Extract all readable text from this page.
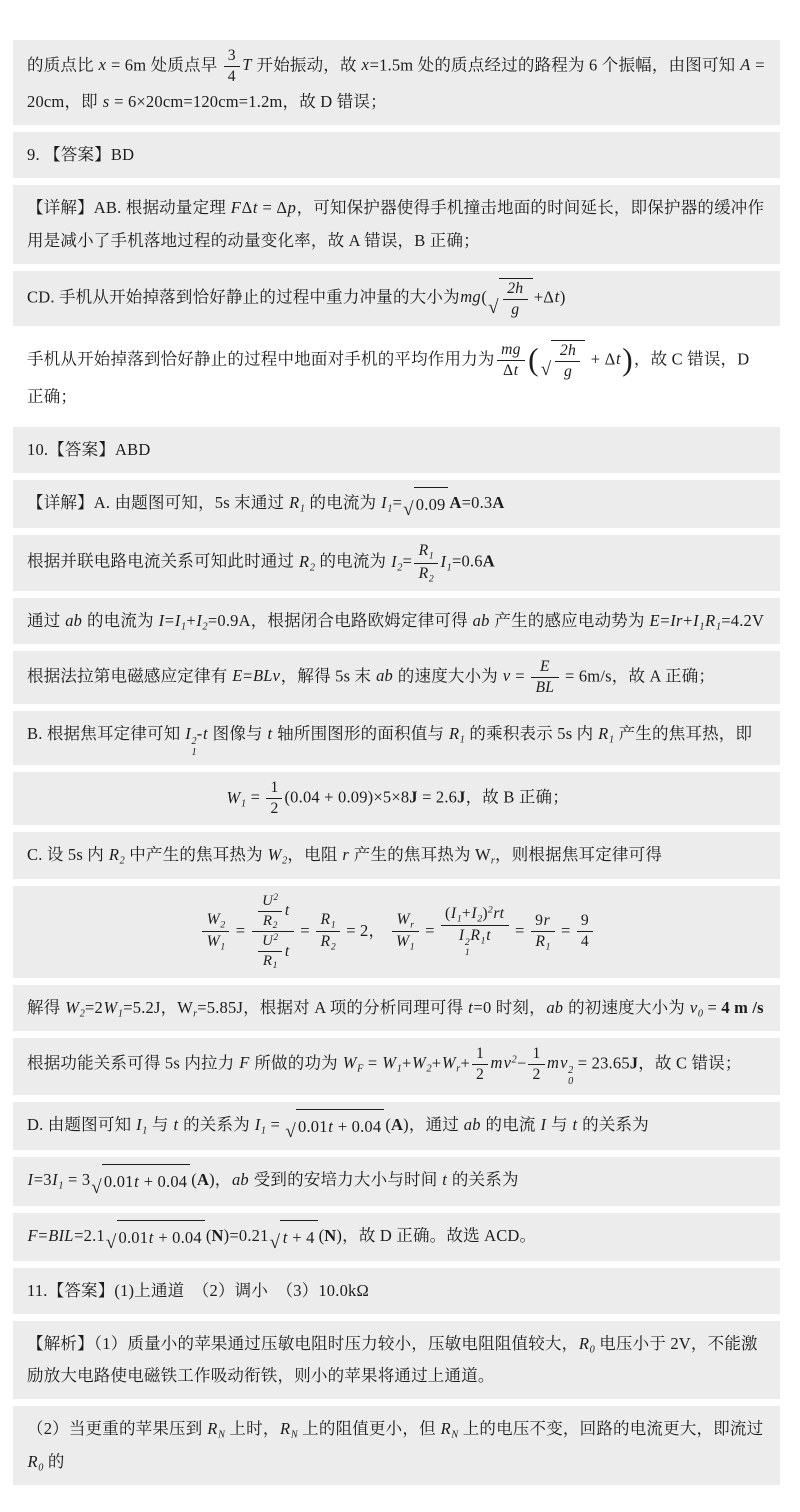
的质点比 x = 6m 处质点早 $\frac{3}{4}$ T 开始振动，故 x=1.5m 处的质点经过的路程为 6 个振幅，由图可知 A = 20cm，即 s = 6×20cm=120cm=1.2m，故 D 错误；
9. 【答案】BD
【详解】AB. 根据动量定理 FΔt = Δp，可知保护器使得手机撞击地面的时间延长，即保护器的缓冲作用是减小了手机落地过程的动量变化率，故 A 错误，B 正确；
CD. 手机从开始掉落到恰好静止的过程中重力冲量的大小为mg(
√ $\frac{2h}{g} +\Delta t$)
手机从开始掉落到恰好静止的过程中地面对手机的平均作用力为 $\frac{mg}{\Delta t}$ ( √ $\frac{2h}{g} + \Delta t$)，故 C 错误，D 正确；
10.【答案】ABD
【详解】A. 由题图可知，5s 末通过 $R_1$ 的电流为 $I_1=$ √ 0.09 A=0.3A
根据并联电路电流关系可知此时通过 $R_2$ 的电流为 $I_2= \frac{R_1}{R_2} I_1=0.6A$
通过 ab 的电流为 $I=I_1+I_2=0.9A$，根据闭合电路欧姆定律可得 ab 产生的感应电动势为 $E=Ir+I_1R_1=4.2V$
根据法拉第电磁感应定律有 E=BLv，解得 5s 末 ab 的速度大小为 $v = \frac{E}{BL} = 6m/s$，故 A 正确；
B. 根据焦耳定律可知 I 2
1
-t 图像与 t 轴所围图形的面积值与 $R_1$ 的乘积表示 5s 内 $R_1$ 产生的焦耳热，即
$W_1 = \frac{1}{2} (0.04 + 0.09)\times 5\times 8J = 2.6J$，故 B 正确；
C. 设 5s 内 $R_2$ 中产生的焦耳热为 $W_2$，电阻 r 产生的焦耳热为 $W_r$，则根据焦耳定律可得
$\frac{W_2}{W_1} = \frac{\frac{U^2}{R_2} t}{\frac{U^2}{R_1} t} = \frac{R_1}{R_2} = 2$， $\frac{W_r}{W_1} = (I_1+I_2)^2rt$
I 2
1
$R_1t = \frac{9r}{R_1} = \frac{9}{4}$
解得 $W_2=2W_1=5.2J$，$W_r=5.85J$，根据对 A 项的分析同理可得 t=0 时刻，ab 的初速度大小为 $v_0 = 4$ m /s
根据功能关系可得 5s 内拉力 F 所做的功为 $W_F = W_1+W_2+W_r+ \frac{1}{2} mv^2- \frac{1}{2}$ mv 2
0
= 23.65J，故 C 错误；
D. 由题图可知 $I_1$ 与 t 的关系为 $I_1$ = √ 0.01t + 0.04 (A)，通过 ab 的电流 I 与 t 的关系为
$I=3I_1 = 3$ √ 0.01t + 0.04 (A)，ab 受到的安培力大小与时间 t 的关系为
F=BIL=2.1 √ 0.01t + 0.04 (N)=0.21 √ t + 4 (N)，故 D 正确。故选 ACD。
11.【答案】(1)上通道　（2）调小　（3）10.0kΩ
【解析】（1）质量小的苹果通过压敏电阻时压力较小，压敏电阻阻值较大，$R_0$ 电压小于 2V，不能激励放大电路使电磁铁工作吸动衔铁，则小的苹果将通过上通道。
（2）当更重的苹果压到 $R_N$ 上时，$R_N$ 上的阻值更小，但 $R_N$ 上的电压不变，回路的电流更大，即流过 $R_0$ 的
